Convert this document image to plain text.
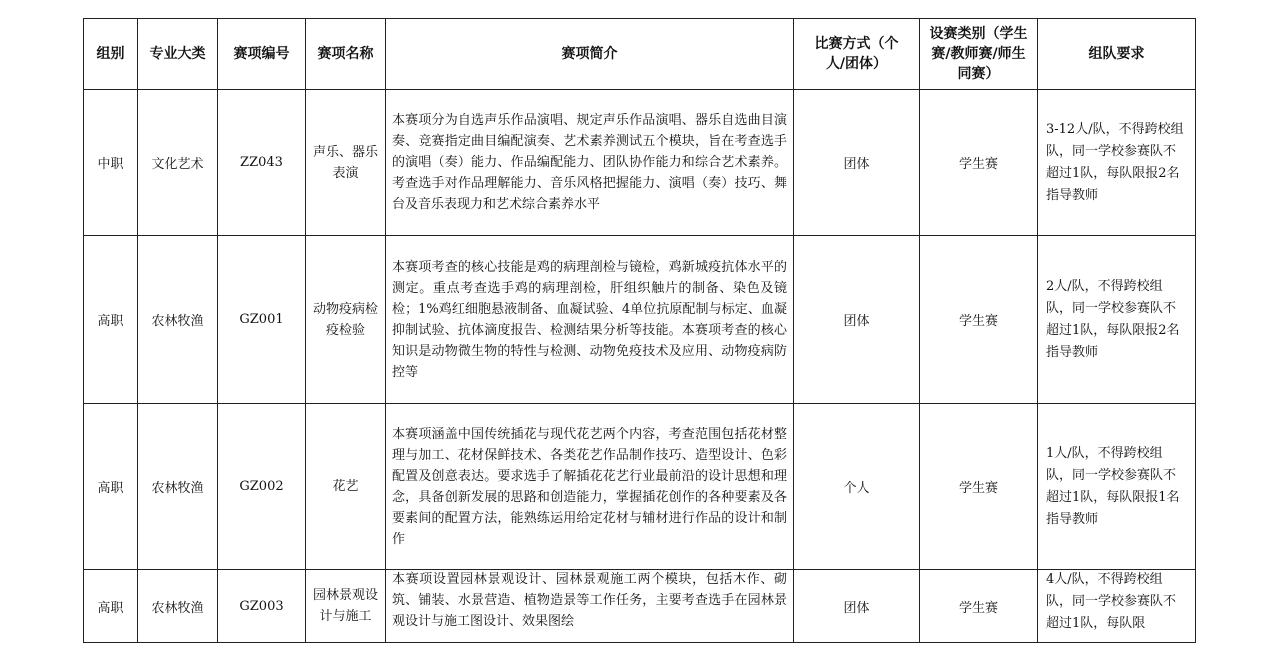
组别	专业大类	赛项编号	赛项名称	赛项简介	比赛方式（个人/团体）	设赛类别（学生赛/教师赛/师生同赛）	组队要求
中职	文化艺术	ZZ043	声乐、器乐表演	本赛项分为自选声乐作品演唱、规定声乐作品演唱、器乐自选曲目演奏、竞赛指定曲目编配演奏、艺术素养测试五个模块，旨在考查选手的演唱（奏）能力、作品编配能力、团队协作能力和综合艺术素养。考查选手对作品理解能力、音乐风格把握能力、演唱（奏）技巧、舞台及音乐表现力和艺术综合素养水平	团体	学生赛	3-12人/队，不得跨校组队，同一学校参赛队不超过1队，每队限报2名指导教师
高职	农林牧渔	GZ001	动物疫病检疫检验	本赛项考查的核心技能是鸡的病理剖检与镜检，鸡新城疫抗体水平的测定。重点考查选手鸡的病理剖检，肝组织触片的制备、染色及镜检；1%鸡红细胞悬液制备、血凝试验、4单位抗原配制与标定、血凝抑制试验、抗体滴度报告、检测结果分析等技能。本赛项考查的核心知识是动物微生物的特性与检测、动物免疫技术及应用、动物疫病防控等	团体	学生赛	2人/队，不得跨校组队，同一学校参赛队不超过1队，每队限报2名指导教师
高职	农林牧渔	GZ002	花艺	本赛项涵盖中国传统插花与现代花艺两个内容，考查范围包括花材整理与加工、花材保鲜技术、各类花艺作品制作技巧、造型设计、色彩配置及创意表达。要求选手了解插花花艺行业最前沿的设计思想和理念，具备创新发展的思路和创造能力，掌握插花创作的各种要素及各要素间的配置方法，能熟练运用给定花材与辅材进行作品的设计和制作	个人	学生赛	1人/队，不得跨校组队，同一学校参赛队不超过1队，每队限报1名指导教师
高职	农林牧渔	GZ003	园林景观设计与施工	本赛项设置园林景观设计、园林景观施工两个模块，包括木作、砌筑、铺装、水景营造、植物造景等工作任务，主要考查选手在园林景观设计与施工图设计、效果图绘	团体	学生赛	4人/队，不得跨校组队，同一学校参赛队不超过1队，每队限
